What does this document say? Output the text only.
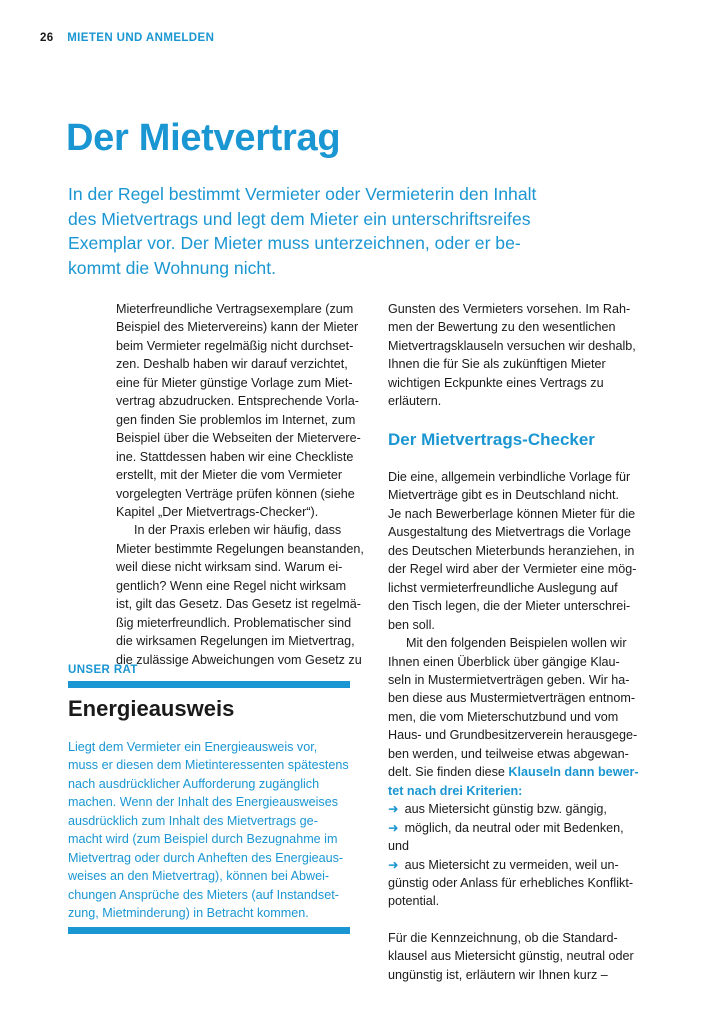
26 MIETEN UND ANMELDEN
Der Mietvertrag

In der Regel bestimmt Vermieter oder Vermieterin den Inhalt
des Mietvertrags und legt dem Mieter ein unterschriftsreifes
Exemplar vor. Der Mieter muss unterzeichnen, oder er be-
kommt die Wohnung nicht.

Mieterfreundliche Vertragsexemplare (zum
Beispiel des Mietervereins) kann der Mieter
beim Vermieter regelmäßig nicht durchset-
zen. Deshalb haben wir darauf verzichtet,
eine für Mieter günstige Vorlage zum Miet-
vertrag abzudrucken. Entsprechende Vorla-
gen finden Sie problemlos im Internet, zum
Beispiel über die Webseiten der Mietervere-
ine. Stattdessen haben wir eine Checkliste
erstellt, mit der Mieter die vom Vermieter
vorgelegten Verträge prüfen können (siehe
Kapitel „Der Mietvertrags-Checker“).
In der Praxis erleben wir häufig, dass
Mieter bestimmte Regelungen beanstanden,
weil diese nicht wirksam sind. Warum ei-
gentlich? Wenn eine Regel nicht wirksam
ist, gilt das Gesetz. Das Gesetz ist regelmä-
ßig mieterfreundlich. Problematischer sind
die wirksamen Regelungen im Mietvertrag,
die zulässige Abweichungen vom Gesetz zu
Gunsten des Vermieters vorsehen. Im Rah-
men der Bewertung zu den wesentlichen
Mietvertragsklauseln versuchen wir deshalb,
Ihnen die für Sie als zukünftigen Mieter
wichtigen Eckpunkte eines Vertrags zu
erläutern.
Der Mietvertrags-Checker
Die eine, allgemein verbindliche Vorlage für
Mietverträge gibt es in Deutschland nicht.
Je nach Bewerberlage können Mieter für die
Ausgestaltung des Mietvertrags die Vorlage
des Deutschen Mieterbunds heranziehen, in
der Regel wird aber der Vermieter eine mög-
lichst vermieterfreundliche Auslegung auf
den Tisch legen, die der Mieter unterschrei-
ben soll.
Mit den folgenden Beispielen wollen wir
Ihnen einen Überblick über gängige Klau-
seln in Mustermietverträgen geben. Wir ha-
ben diese aus Mustermietverträgen entnom-
men, die vom Mieterschutzbund und vom
Haus- und Grundbesitzerverein herausgege-
ben werden, und teilweise etwas abgewan-
delt. Sie finden diese Klauseln dann bewer-
tet nach drei Kriterien:
➜ aus Mietersicht günstig bzw. gängig,
➜ möglich, da neutral oder mit Bedenken,
und
➜ aus Mietersicht zu vermeiden, weil un-
günstig oder Anlass für erhebliches Konflikt-
potential.
Für die Kennzeichnung, ob die Standard-
klausel aus Mietersicht günstig, neutral oder
ungünstig ist, erläutern wir Ihnen kurz –
UNSER RAT
Energieausweis
Liegt dem Vermieter ein Energieausweis vor,
muss er diesen dem Mietinteressenten spätestens
nach ausdrücklicher Aufforderung zugänglich
machen. Wenn der Inhalt des Energieausweises
ausdrücklich zum Inhalt des Mietvertrags ge-
macht wird (zum Beispiel durch Bezugnahme im
Mietvertrag oder durch Anheften des Energieaus-
weises an den Mietvertrag), können bei Abwei-
chungen Ansprüche des Mieters (auf Instandset-
zung, Mietminderung) in Betracht kommen.
